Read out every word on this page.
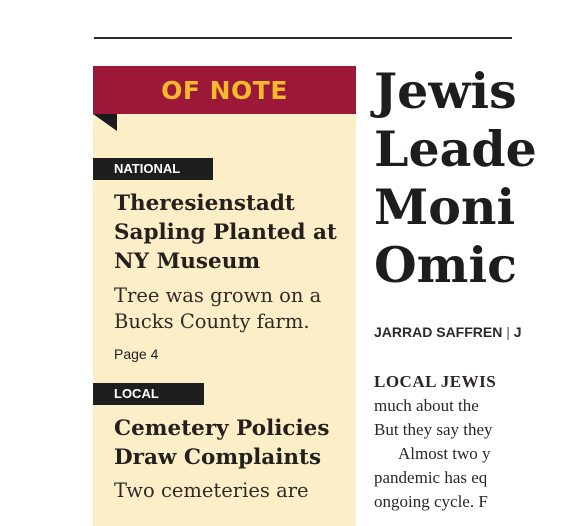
OF NOTE
NATIONAL

Theresienstadt Sapling Planted at NY Museum

Tree was grown on a Bucks County farm.

Page 4
LOCAL

Cemetery Policies Draw Complaints

Two cemeteries are

Jewis

Leade

Moni

Omic

JARRAD SAFFREN | J
LOCAL JEWIS
much about the
But they say they
Almost two y
pandemic has eq
ongoing cycle. F
